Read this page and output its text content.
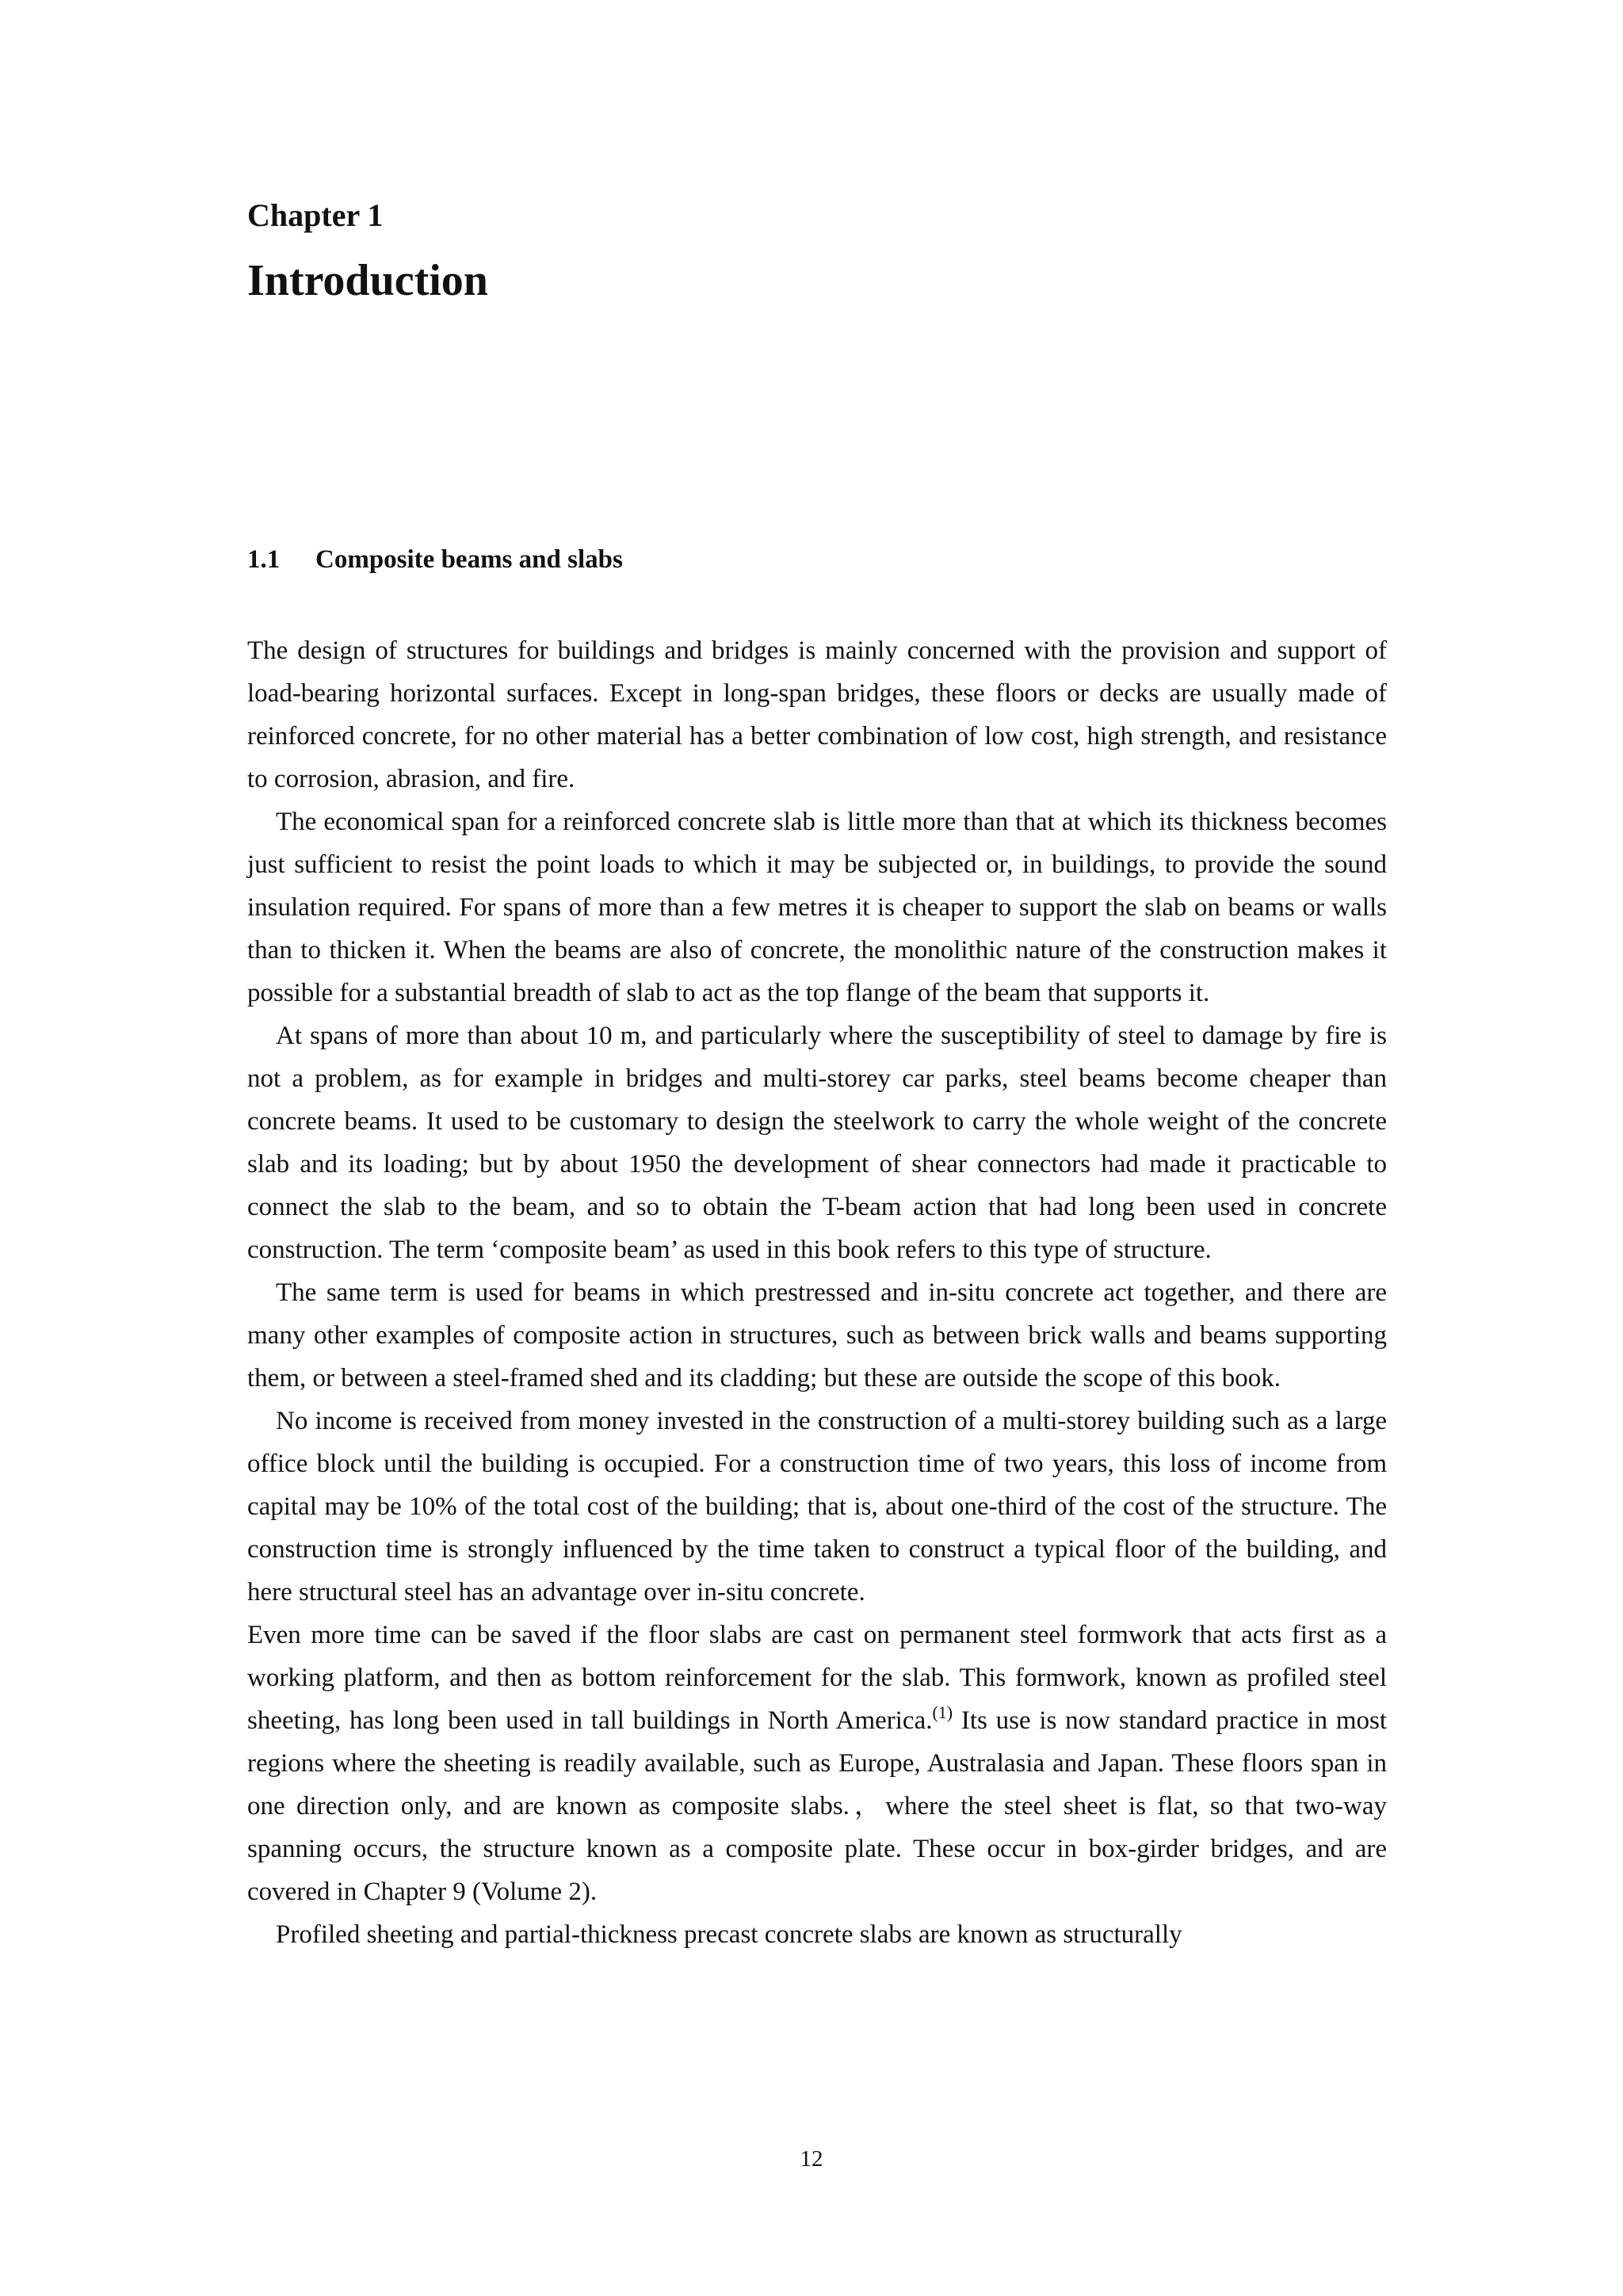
Chapter 1
Introduction
1.1 Composite beams and slabs

The design of structures for buildings and bridges is mainly concerned with the provision and support of load-bearing horizontal surfaces. Except in long-span bridges, these floors or decks are usually made of reinforced concrete, for no other material has a better combination of low cost, high strength, and resistance to corrosion, abrasion, and fire.

The economical span for a reinforced concrete slab is little more than that at which its thickness becomes just sufficient to resist the point loads to which it may be subjected or, in buildings, to provide the sound insulation required. For spans of more than a few metres it is cheaper to support the slab on beams or walls than to thicken it. When the beams are also of concrete, the monolithic nature of the construction makes it possible for a substantial breadth of slab to act as the top flange of the beam that supports it.

At spans of more than about 10 m, and particularly where the susceptibility of steel to damage by fire is not a problem, as for example in bridges and multi-storey car parks, steel beams become cheaper than concrete beams. It used to be customary to design the steelwork to carry the whole weight of the concrete slab and its loading; but by about 1950 the development of shear connectors had made it practicable to connect the slab to the beam, and so to obtain the T-beam action that had long been used in concrete construction. The term ‘composite beam’ as used in this book refers to this type of structure.

The same term is used for beams in which prestressed and in-situ concrete act together, and there are many other examples of composite action in structures, such as between brick walls and beams supporting them, or between a steel-framed shed and its cladding; but these are outside the scope of this book.

No income is received from money invested in the construction of a multi-storey building such as a large office block until the building is occupied. For a construction time of two years, this loss of income from capital may be 10% of the total cost of the building; that is, about one-third of the cost of the structure. The construction time is strongly influenced by the time taken to construct a typical floor of the building, and here structural steel has an advantage over in-situ concrete.

Even more time can be saved if the floor slabs are cast on permanent steel formwork that acts first as a working platform, and then as bottom reinforcement for the slab. This formwork, known as profiled steel sheeting, has long been used in tall buildings in North America.$^{(1)}$ Its use is now standard practice in most regions where the sheeting is readily available, such as Europe, Australasia and Japan. These floors span in one direction only, and are known as composite slabs.，where the steel sheet is flat, so that two-way spanning occurs, the structure known as a composite plate. These occur in box-girder bridges, and are covered in Chapter 9 (Volume 2).

Profiled sheeting and partial-thickness precast concrete slabs are known as structurally

12
